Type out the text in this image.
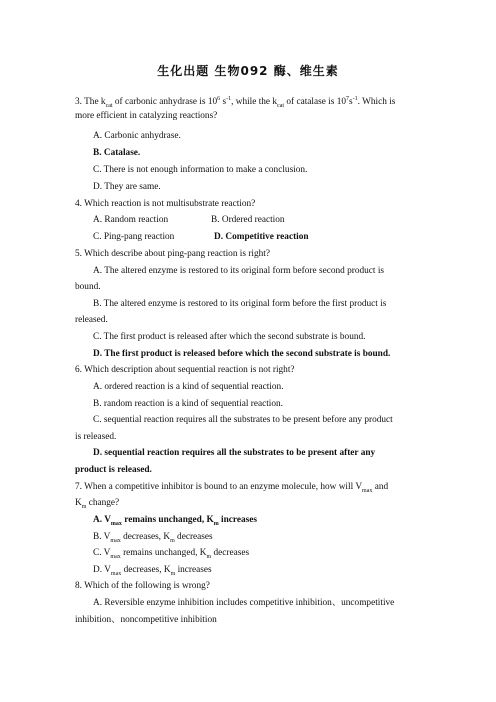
生化出题 生物092 酶、维生素
3. The $k_{cat}$ of carbonic anhydrase is $10^6$ $s^{-1}$, while the $k_{cat}$ of catalase is $10^7s^{-1}$. Which is
more efficient in catalyzing reactions?
A. Carbonic anhydrase.
B. Catalase.
C. There is not enough information to make a conclusion.
D. They are same.
4. Which reaction is not multisubstrate reaction?
A. Random reaction	B. Ordered reaction
C. Ping-pang reaction	D. Competitive reaction
5. Which describe about ping-pang reaction is right?
A. The altered enzyme is restored to its original form before second product is
bound.
B. The altered enzyme is restored to its original form before the first product is
released.
C. The first product is released after which the second substrate is bound.
D. The first product is released before which the second substrate is bound.
6. Which description about sequential reaction is not right?
A. ordered reaction is a kind of sequential reaction.
B. random reaction is a kind of sequential reaction.
C. sequential reaction requires all the substrates to be present before any product
is released.
D. sequential reaction requires all the substrates to be present after any
product is released.
7. When a competitive inhibitor is bound to an enzyme molecule, how will $V_{max}$ and
$K_m$ change?
A. $V_{max}$ remains unchanged, $K_m$ increases
B. $V_{max}$ decreases, $K_m$ decreases
C. $V_{max}$ remains unchanged, $K_m$ decreases
D. $V_{max}$ decreases, $K_m$ increases
8. Which of the following is wrong?
A. Reversible enzyme inhibition includes competitive inhibition、uncompetitive
inhibition、noncompetitive inhibition
